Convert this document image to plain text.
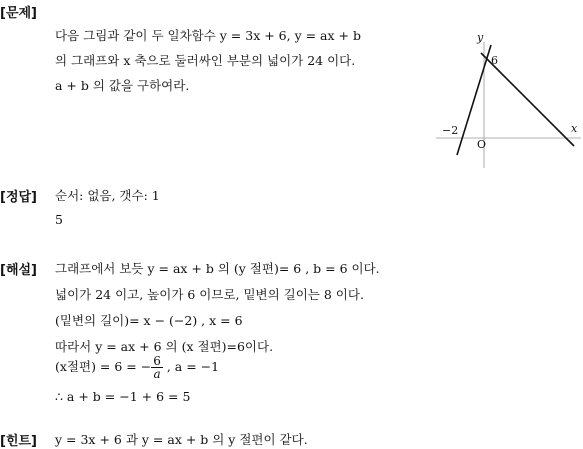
[문제]
다음 그림과 같이 두 일차함수 y = 3x + 6, y = ax + b
의 그래프와 x 축으로 둘러싸인 부분의 넓이가 24 이다.
a + b 의 값을 구하여라.
y
x
6
−2
O
[정답] 순서: 없음, 갯수: 1
5
[해설] 그래프에서 보듯 y = ax + b 의 (y 절편)= 6 , b = 6 이다.
넓이가 24 이고, 높이가 6 이므로, 밑변의 길이는 8 이다.
(밑변의 길이)= x − (−2) , x = 6
따라서 y = ax + 6 의 (x 절편)=6이다.
(x절편) = 6 = − $\frac{6}{a}$ , a = −1
∴ a + b = −1 + 6 = 5
[힌트] y = 3x + 6 과 y = ax + b 의 y 절편이 같다.
